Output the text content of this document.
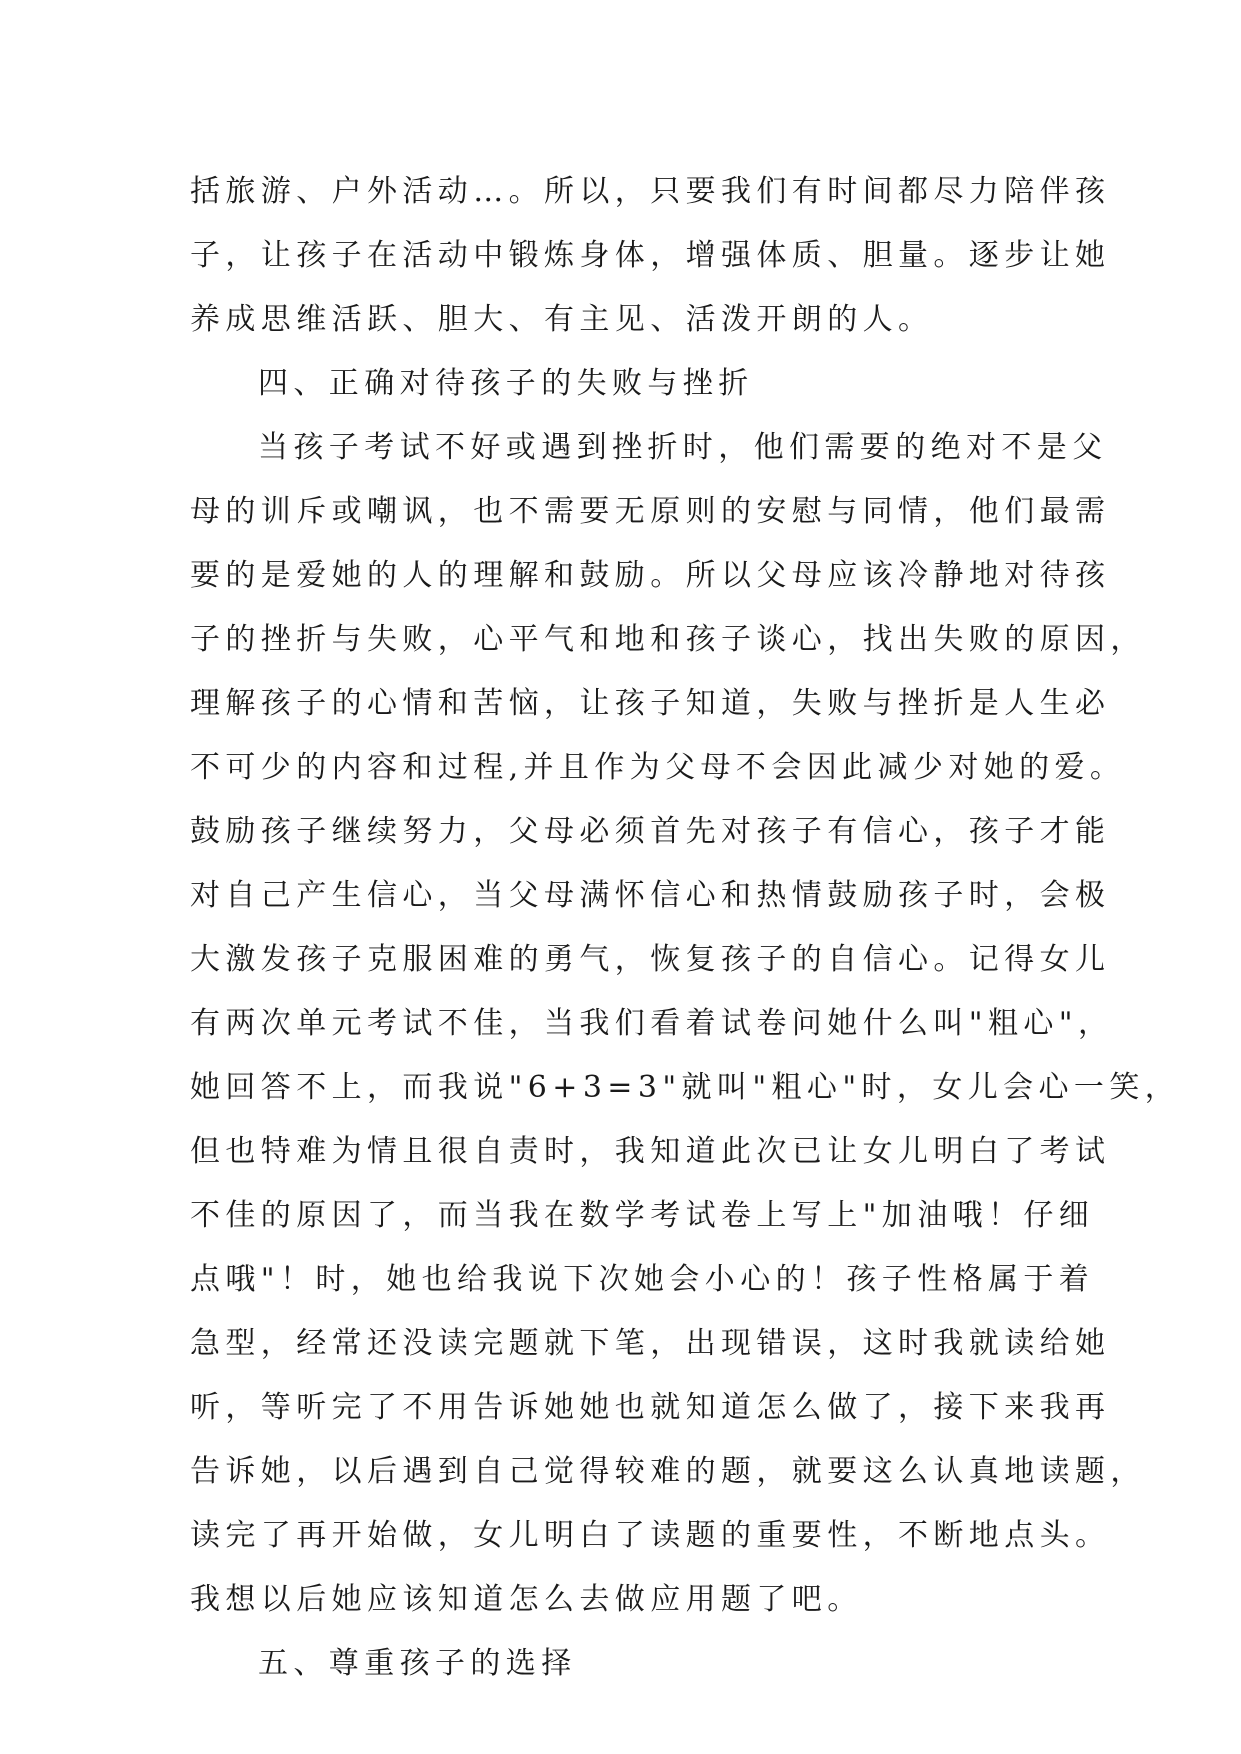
括旅游、户外活动…。所以，只要我们有时间都尽力陪伴孩
子，让孩子在活动中锻炼身体，增强体质、胆量。逐步让她
养成思维活跃、胆大、有主见、活泼开朗的人。
四、正确对待孩子的失败与挫折
当孩子考试不好或遇到挫折时，他们需要的绝对不是父
母的训斥或嘲讽，也不需要无原则的安慰与同情，他们最需
要的是爱她的人的理解和鼓励。所以父母应该冷静地对待孩
子的挫折与失败，心平气和地和孩子谈心，找出失败的原因，
理解孩子的心情和苦恼，让孩子知道，失败与挫折是人生必
不可少的内容和过程,并且作为父母不会因此减少对她的爱。
鼓励孩子继续努力，父母必须首先对孩子有信心，孩子才能
对自己产生信心，当父母满怀信心和热情鼓励孩子时，会极
大激发孩子克服困难的勇气，恢复孩子的自信心。记得女儿
有两次单元考试不佳，当我们看着试卷问她什么叫"粗心"，
她回答不上，而我说"6+3=3"就叫"粗心"时，女儿会心一笑，
但也特难为情且很自责时，我知道此次已让女儿明白了考试
不佳的原因了，而当我在数学考试卷上写上"加油哦！仔细
点哦"！时，她也给我说下次她会小心的！孩子性格属于着
急型，经常还没读完题就下笔，出现错误，这时我就读给她
听，等听完了不用告诉她她也就知道怎么做了，接下来我再
告诉她，以后遇到自己觉得较难的题，就要这么认真地读题，
读完了再开始做，女儿明白了读题的重要性，不断地点头。
我想以后她应该知道怎么去做应用题了吧。
五、尊重孩子的选择
